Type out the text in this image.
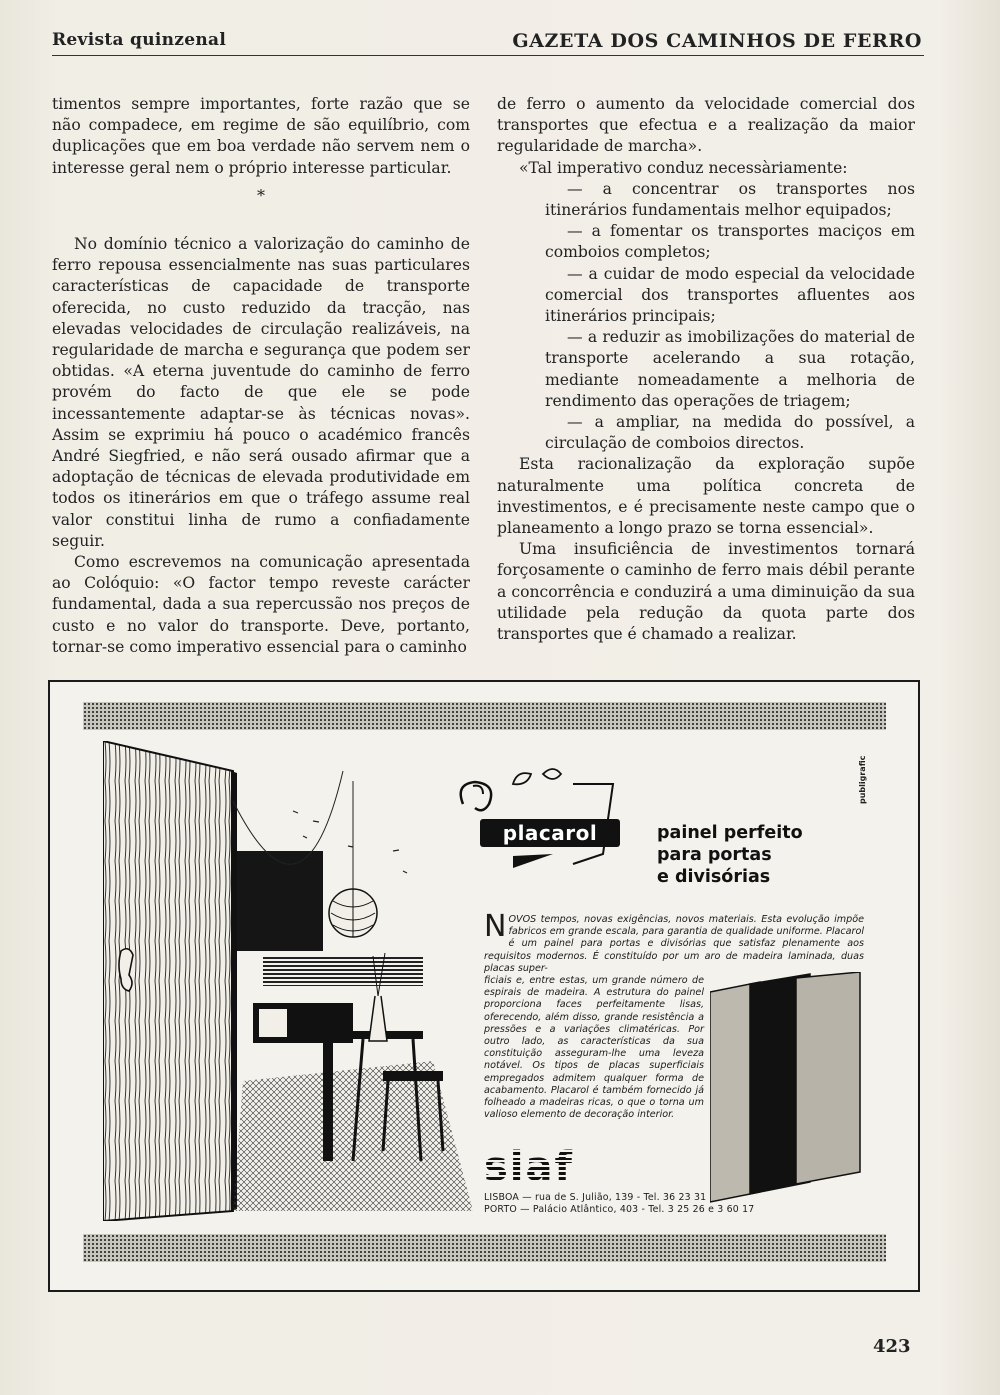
Revista quinzenal	GAZETA DOS CAMINHOS DE FERRO

timentos sempre importantes, forte razão que se não compadece, em regime de são equilíbrio, com duplicações que em boa verdade não servem nem o interesse geral nem o próprio interesse particular.

*

No domínio técnico a valorização do caminho de ferro repousa essencialmente nas suas particulares características de capacidade de transporte oferecida, no custo reduzido da tracção, nas elevadas velocidades de circulação realizáveis, na regularidade de marcha e segurança que podem ser obtidas. «A eterna juventude do caminho de ferro provém do facto de que ele se pode incessantemente adaptar-se às técnicas novas». Assim se exprimiu há pouco o académico francês André Siegfried, e não será ousado afirmar que a adoptação de técnicas de elevada produtividade em todos os itinerários em que o tráfego assume real valor constitui linha de rumo a confiadamente seguir.

Como escrevemos na comunicação apresentada ao Colóquio: «O factor tempo reveste carácter fundamental, dada a sua repercussão nos preços de custo e no valor do transporte. Deve, portanto, tornar-se como imperativo essencial para o caminho

de ferro o aumento da velocidade comercial dos transportes que efectua e a realização da maior regularidade de marcha».

«Tal imperativo conduz necessàriamente:

— a concentrar os transportes nos itinerários fundamentais melhor equipados;

— a fomentar os transportes maciços em comboios completos;

— a cuidar de modo especial da velocidade comercial dos transportes afluentes aos itinerários principais;

— a reduzir as imobilizações do material de transporte acelerando a sua rotação, mediante nomeadamente a melhoria de rendimento das operações de triagem;

— a ampliar, na medida do possível, a circulação de comboios directos.

Esta racionalização da exploração supõe naturalmente uma política concreta de investimentos, e é precisamente neste campo que o planeamento a longo prazo se torna essencial».

Uma insuficiência de investimentos tornará forçosamente o caminho de ferro mais débil perante a concorrência e conduzirá a uma diminuição da sua utilidade pela redução da quota parte dos transportes que é chamado a realizar.

placarol	painel perfeito
para portas
e divisórias
publigrafic
N OVOS tempos, novas exigências, novos materiais. Esta evolução impõe fabricos em grande escala, para garantia de qualidade uniforme. Placarol é um painel para portas e divisórias que satisfaz plenamente aos requisitos modernos. É constituído por um aro de madeira laminada, duas placas super-
ficiais e, entre estas, um grande número de espirais de madeira. A estrutura do painel proporciona faces perfeitamente lisas, oferecendo, além disso, grande resistência a pressões e a variações climatéricas. Por outro lado, as características da sua constituição asseguram-lhe uma leveza notável. Os tipos de placas superficiais empregados admitem qualquer forma de acabamento. Placarol é também fornecido já folheado a madeiras ricas, o que o torna um valioso elemento de decoração interior.
siaf
LISBOA — rua de S. Julião, 139 - Tel. 36 23 31
PORTO — Palácio Atlântico, 403 - Tel. 3 25 26 e 3 60 17
423
